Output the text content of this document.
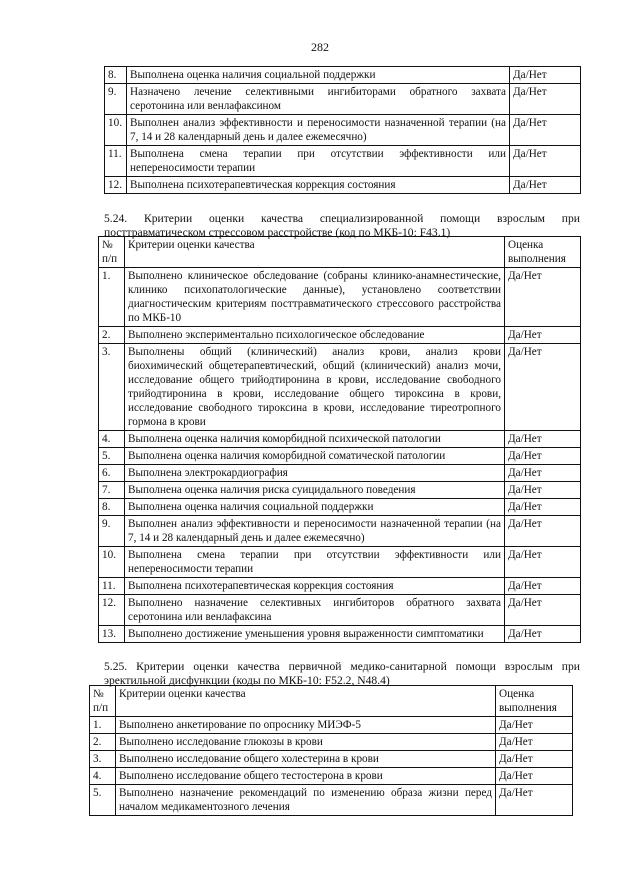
282
8.	Выполнена оценка наличия социальной поддержки	Да/Нет
9.	Назначено лечение селективными ингибиторами обратного захвата серотонина или венлафаксином	Да/Нет
10.	Выполнен анализ эффективности и переносимости назначенной терапии (на 7, 14 и 28 календарный день и далее ежемесячно)	Да/Нет
11.	Выполнена смена терапии при отсутствии эффективности или непереносимости терапии	Да/Нет
12.	Выполнена психотерапевтическая коррекция состояния	Да/Нет
5.24. Критерии оценки качества специализированной помощи взрослым при посттравматическом стрессовом расстройстве (код по МКБ-10: F43.1)
№ п/п	Критерии оценки качества	Оценка выполнения
1.	Выполнено клиническое обследование (собраны клинико-анамнестические, клинико психопатологические данные), установлено соответствии диагностическим критериям посттравматического стрессового расстройства по МКБ-10	Да/Нет
2.	Выполнено экспериментально психологическое обследование	Да/Нет
3.	Выполнены общий (клинический) анализ крови, анализ крови биохимический общетерапевтический, общий (клинический) анализ мочи, исследование общего трийодтиронина в крови, исследование свободного трийодтиронина в крови, исследование общего тироксина в крови, исследование свободного тироксина в крови, исследование тиреотропного гормона в крови	Да/Нет
4.	Выполнена оценка наличия коморбидной психической патологии	Да/Нет
5.	Выполнена оценка наличия коморбидной соматической патологии	Да/Нет
6.	Выполнена электрокардиография	Да/Нет
7.	Выполнена оценка наличия риска суицидального поведения	Да/Нет
8.	Выполнена оценка наличия социальной поддержки	Да/Нет
9.	Выполнен анализ эффективности и переносимости назначенной терапии (на 7, 14 и 28 календарный день и далее ежемесячно)	Да/Нет
10.	Выполнена смена терапии при отсутствии эффективности или непереносимости терапии	Да/Нет
11.	Выполнена психотерапевтическая коррекция состояния	Да/Нет
12.	Выполнено назначение селективных ингибиторов обратного захвата серотонина или венлафаксина	Да/Нет
13.	Выполнено достижение уменьшения уровня выраженности симптоматики	Да/Нет
5.25. Критерии оценки качества первичной медико-санитарной помощи взрослым при эректильной дисфункции (коды по МКБ-10: F52.2, N48.4)
№ п/п	Критерии оценки качества	Оценка выполнения
1.	Выполнено анкетирование по опроснику МИЭФ-5	Да/Нет
2.	Выполнено исследование глюкозы в крови	Да/Нет
3.	Выполнено исследование общего холестерина в крови	Да/Нет
4.	Выполнено исследование общего тестостерона в крови	Да/Нет
5.	Выполнено назначение рекомендаций по изменению образа жизни перед началом медикаментозного лечения	Да/Нет
